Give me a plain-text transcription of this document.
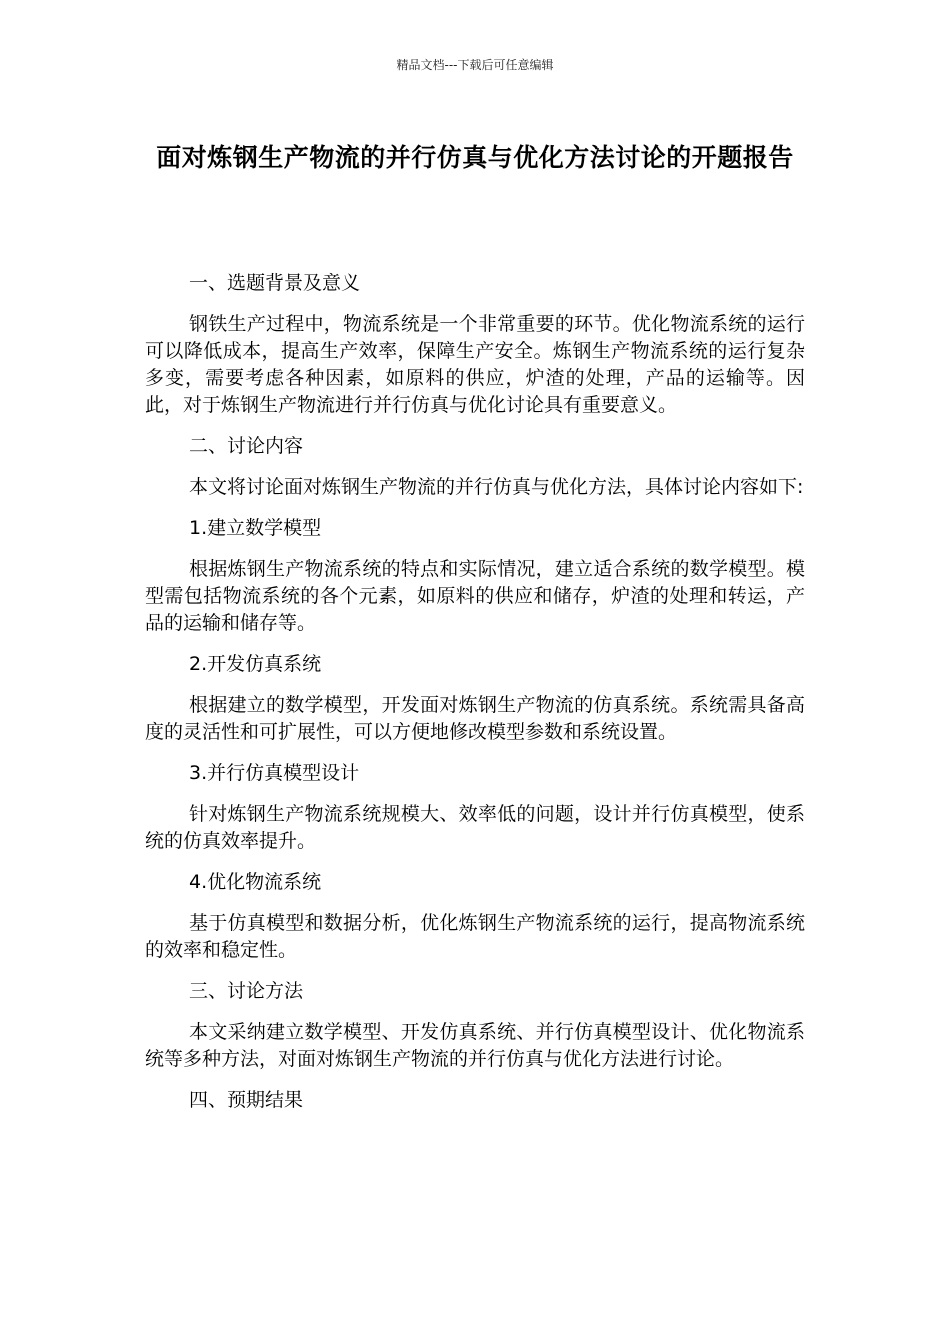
精品文档---下载后可任意编辑
面对炼钢生产物流的并行仿真与优化方法讨论的开题报告

一、选题背景及意义

钢铁生产过程中，物流系统是一个非常重要的环节。优化物流系统的运行可以降低成本，提高生产效率，保障生产安全。炼钢生产物流系统的运行复杂多变，需要考虑各种因素，如原料的供应，炉渣的处理，产品的运输等。因此，对于炼钢生产物流进行并行仿真与优化讨论具有重要意义。

二、讨论内容

本文将讨论面对炼钢生产物流的并行仿真与优化方法，具体讨论内容如下:

1.建立数学模型

根据炼钢生产物流系统的特点和实际情况，建立适合系统的数学模型。模型需包括物流系统的各个元素，如原料的供应和储存，炉渣的处理和转运，产品的运输和储存等。

2.开发仿真系统

根据建立的数学模型，开发面对炼钢生产物流的仿真系统。系统需具备高度的灵活性和可扩展性，可以方便地修改模型参数和系统设置。

3.并行仿真模型设计

针对炼钢生产物流系统规模大、效率低的问题，设计并行仿真模型，使系统的仿真效率提升。

4.优化物流系统

基于仿真模型和数据分析，优化炼钢生产物流系统的运行，提高物流系统的效率和稳定性。

三、讨论方法

本文采纳建立数学模型、开发仿真系统、并行仿真模型设计、优化物流系统等多种方法，对面对炼钢生产物流的并行仿真与优化方法进行讨论。

四、预期结果
